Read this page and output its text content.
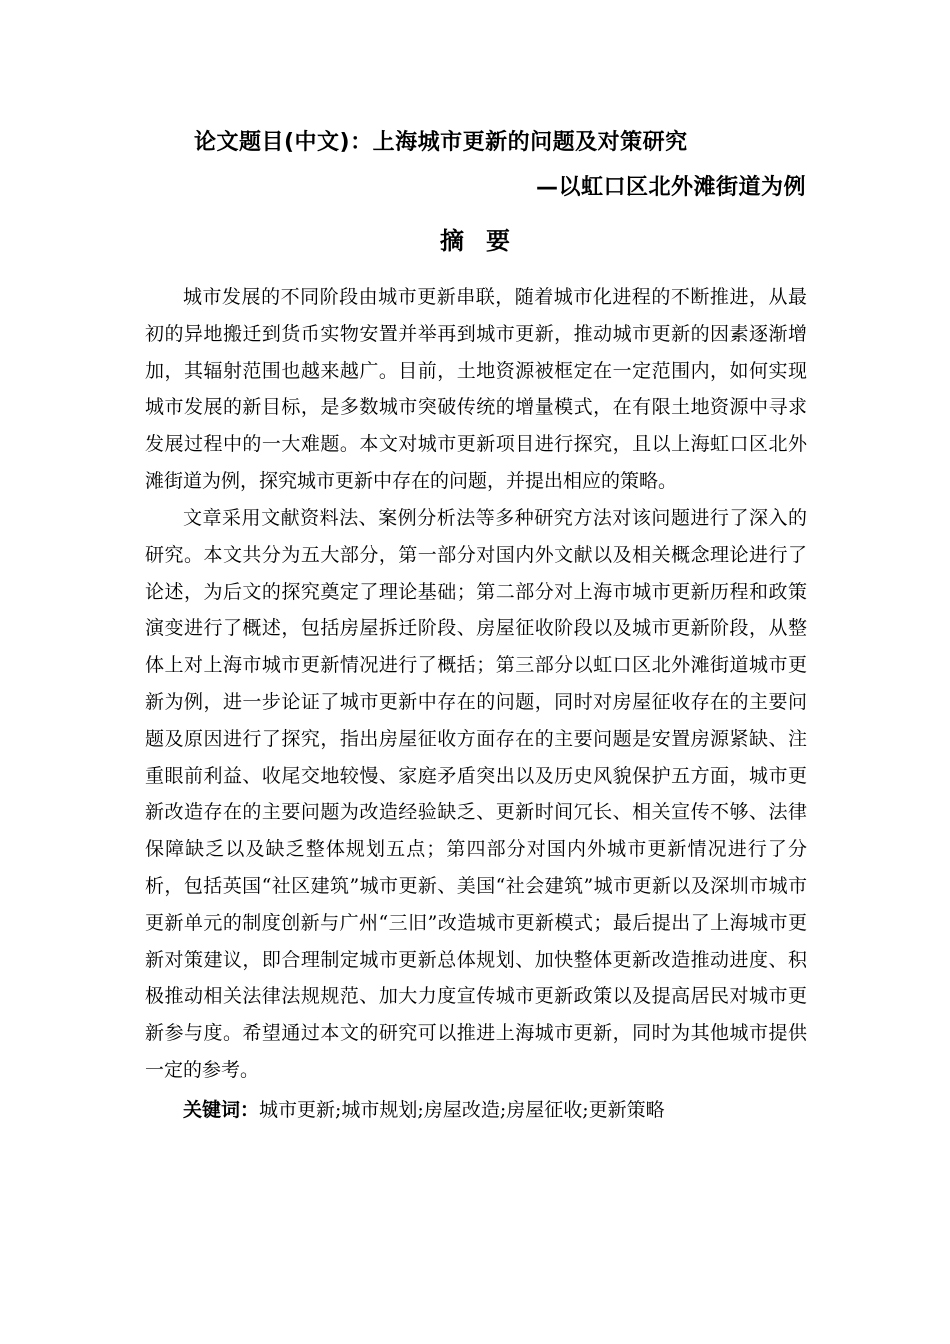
论文题目(中文)：上海城市更新的问题及对策研究
—以虹口区北外滩街道为例
摘要

城市发展的不同阶段由城市更新串联，随着城市化进程的不断推进，从最初的异地搬迁到货币实物安置并举再到城市更新，推动城市更新的因素逐渐增加，其辐射范围也越来越广。目前，土地资源被框定在一定范围内，如何实现城市发展的新目标，是多数城市突破传统的增量模式，在有限土地资源中寻求发展过程中的一大难题。本文对城市更新项目进行探究，且以上海虹口区北外滩街道为例，探究城市更新中存在的问题，并提出相应的策略。

文章采用文献资料法、案例分析法等多种研究方法对该问题进行了深入的研究。本文共分为五大部分，第一部分对国内外文献以及相关概念理论进行了论述，为后文的探究奠定了理论基础；第二部分对上海市城市更新历程和政策演变进行了概述，包括房屋拆迁阶段、房屋征收阶段以及城市更新阶段，从整体上对上海市城市更新情况进行了概括；第三部分以虹口区北外滩街道城市更新为例，进一步论证了城市更新中存在的问题，同时对房屋征收存在的主要问题及原因进行了探究，指出房屋征收方面存在的主要问题是安置房源紧缺、注重眼前利益、收尾交地较慢、家庭矛盾突出以及历史风貌保护五方面，城市更新改造存在的主要问题为改造经验缺乏、更新时间冗长、相关宣传不够、法律保障缺乏以及缺乏整体规划五点；第四部分对国内外城市更新情况进行了分析，包括英国“社区建筑”城市更新、美国“社会建筑”城市更新以及深圳市城市更新单元的制度创新与广州“三旧”改造城市更新模式；最后提出了上海城市更新对策建议，即合理制定城市更新总体规划、加快整体更新改造推动进度、积极推动相关法律法规规范、加大力度宣传城市更新政策以及提高居民对城市更新参与度。希望通过本文的研究可以推进上海城市更新，同时为其他城市提供一定的参考。

关键词：城市更新;城市规划;房屋改造;房屋征收;更新策略
